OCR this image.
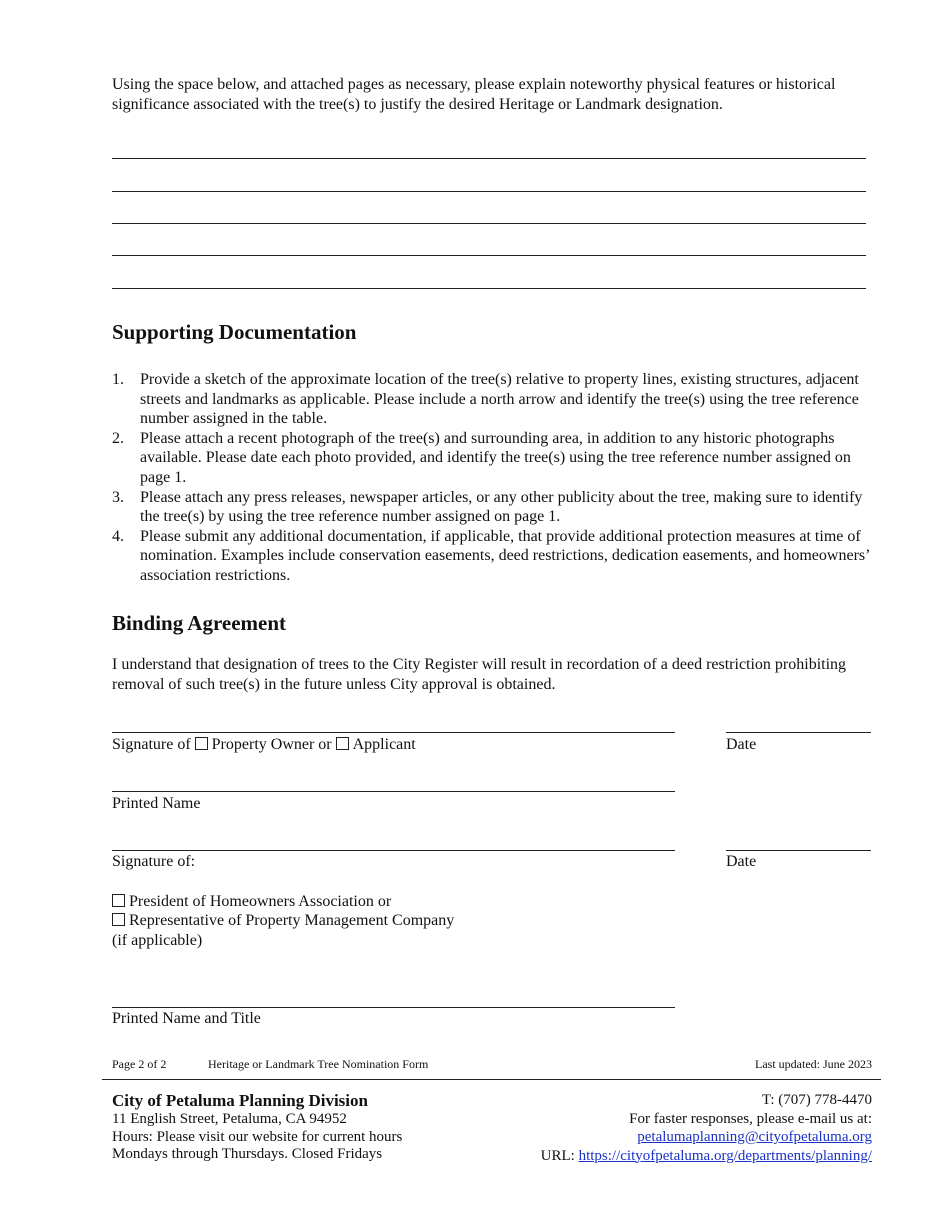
Using the space below, and attached pages as necessary, please explain noteworthy physical features or historical significance associated with the tree(s) to justify the desired Heritage or Landmark designation.
Supporting Documentation
1. Provide a sketch of the approximate location of the tree(s) relative to property lines, existing structures, adjacent streets and landmarks as applicable. Please include a north arrow and identify the tree(s) using the tree reference number assigned in the table.
2. Please attach a recent photograph of the tree(s) and surrounding area, in addition to any historic photographs available. Please date each photo provided, and identify the tree(s) using the tree reference number assigned on page 1.
3. Please attach any press releases, newspaper articles, or any other publicity about the tree, making sure to identify the tree(s) by using the tree reference number assigned on page 1.
4. Please submit any additional documentation, if applicable, that provide additional protection measures at time of nomination. Examples include conservation easements, deed restrictions, dedication easements, and homeowners’ association restrictions.
Binding Agreement
I understand that designation of trees to the City Register will result in recordation of a deed restriction prohibiting removal of such tree(s) in the future unless City approval is obtained.
Signature of Property Owner or Applicant	Date
Printed Name
Signature of:	Date
President of Homeowners Association or
Representative of Property Management Company
(if applicable)
Printed Name and Title
Page 2 of 2	Heritage or Landmark Tree Nomination Form	Last updated: June 2023
City of Petaluma Planning Division
11 English Street, Petaluma, CA 94952
Hours: Please visit our website for current hours
Mondays through Thursdays. Closed Fridays
T: (707) 778-4470
For faster responses, please e-mail us at:
petalumaplanning@cityofpetaluma.org
URL: https://cityofpetaluma.org/departments/planning/
